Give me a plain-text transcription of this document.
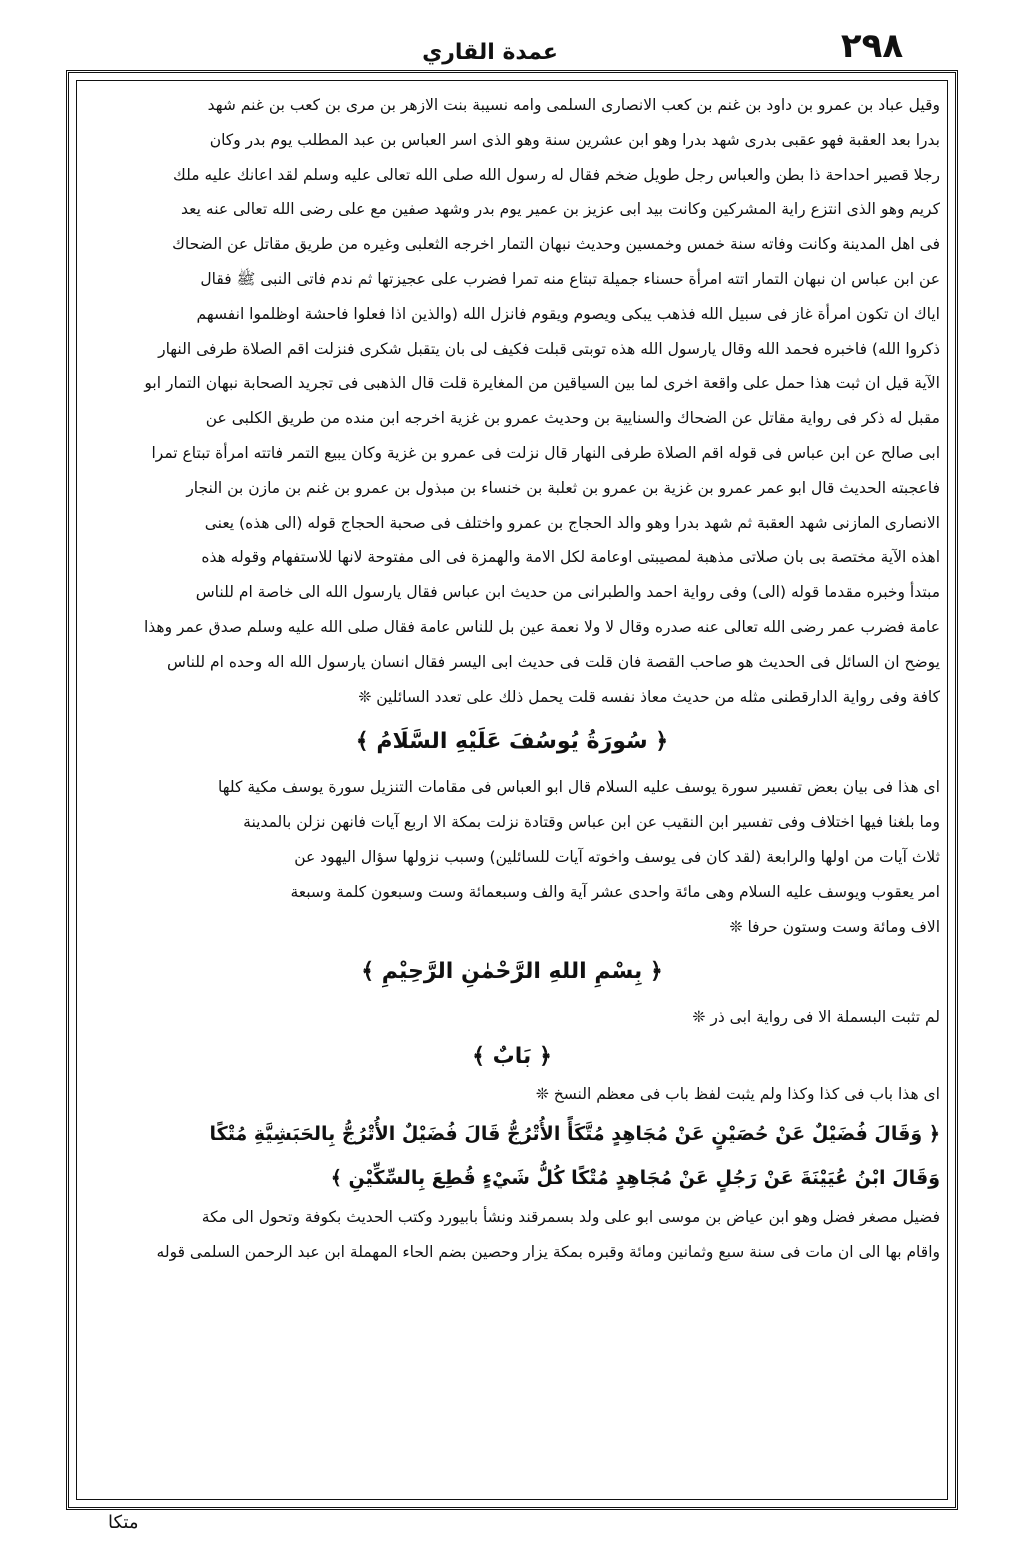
عمدة القاري	٢٩٨
وقيل عباد بن عمرو بن داود بن غنم بن كعب الانصارى السلمى وامه نسيبة بنت الازهر بن مرى بن كعب بن غنم شهد
بدرا بعد العقبة فهو عقبى بدرى شهد بدرا وهو ابن عشرين سنة وهو الذى اسر العباس بن عبد المطلب يوم بدر وكان
رجلا قصير احداحة ذا بطن والعباس رجل طويل ضخم فقال له رسول الله صلى الله تعالى عليه وسلم لقد اعانك عليه ملك
كريم وهو الذى انتزع راية المشركين وكانت بيد ابى عزيز بن عمير يوم بدر وشهد صفين مع على رضى الله تعالى عنه يعد
فى اهل المدينة وكانت وفاته سنة خمس وخمسين وحديث نبهان التمار اخرجه الثعلبى وغيره من طريق مقاتل عن الضحاك
عن ابن عباس ان نبهان التمار اتته امرأة حسناء جميلة تبتاع منه تمرا فضرب على عجيزتها ثم ندم فاتى النبى ﷺ فقال
اياك ان تكون امرأة غاز فى سبيل الله فذهب يبكى ويصوم ويقوم فانزل الله (والذين اذا فعلوا فاحشة اوظلموا انفسهم
ذكروا الله) فاخبره فحمد الله وقال يارسول الله هذه توبتى قبلت فكيف لى بان يتقبل شكرى فنزلت اقم الصلاة طرفى النهار
الآية قيل ان ثبت هذا حمل على واقعة اخرى لما بين السياقين من المغايرة قلت قال الذهبى فى تجريد الصحابة نبهان التمار ابو
مقبل له ذكر فى رواية مقاتل عن الضحاك والسنايية بن وحديث عمرو بن غزية اخرجه ابن منده من طريق الكلبى عن
ابى صالح عن ابن عباس فى قوله اقم الصلاة طرفى النهار قال نزلت فى عمرو بن غزية وكان يبيع التمر فاتته امرأة تبتاع تمرا
فاعجبته الحديث قال ابو عمر عمرو بن غزية بن عمرو بن ثعلبة بن خنساء بن مبذول بن عمرو بن غنم بن مازن بن النجار
الانصارى المازنى شهد العقبة ثم شهد بدرا وهو والد الحجاج بن عمرو واختلف فى صحبة الحجاج قوله (الى هذه) يعنى
اهذه الآية مختصة بى بان صلاتى مذهبة لمصيبتى اوعامة لكل الامة والهمزة فى الى مفتوحة لانها للاستفهام وقوله هذه
مبتدأ وخبره مقدما قوله (الى) وفى رواية احمد والطبرانى من حديث ابن عباس فقال يارسول الله الى خاصة ام للناس
عامة فضرب عمر رضى الله تعالى عنه صدره وقال لا ولا نعمة عين بل للناس عامة فقال صلى الله عليه وسلم صدق عمر وهذا
يوضح ان السائل فى الحديث هو صاحب القصة فان قلت فى حديث ابى اليسر فقال انسان يارسول الله اله وحده ام للناس
كافة وفى رواية الدارقطنى مثله من حديث معاذ نفسه قلت يحمل ذلك على تعدد السائلين ❊
﴿ سُورَةُ يُوسُفَ عَلَيْهِ السَّلَامُ ﴾
اى هذا فى بيان بعض تفسير سورة يوسف عليه السلام قال ابو العباس فى مقامات التنزيل سورة يوسف مكية كلها
وما بلغنا فيها اختلاف وفى تفسير ابن النقيب عن ابن عباس وقتادة نزلت بمكة الا اربع آيات فانهن نزلن بالمدينة
ثلاث آيات من اولها والرابعة (لقد كان فى يوسف واخوته آيات للسائلين) وسبب نزولها سؤال اليهود عن
امر يعقوب ويوسف عليه السلام وهى مائة واحدى عشر آية والف وسبعمائة وست وسبعون كلمة وسبعة
الاف ومائة وست وستون حرفا ❊
﴿ بِسْمِ اللهِ الرَّحْمٰنِ الرَّحِيْمِ ﴾
لم تثبت البسملة الا فى رواية ابى ذر ❊
﴿ بَابٌ ﴾
اى هذا باب فى كذا وكذا ولم يثبت لفظ باب فى معظم النسخ ❊
﴿ وَقَالَ فُضَيْلٌ عَنْ حُصَيْنٍ عَنْ مُجَاهِدٍ مُتَّكَأً الأُتْرُجُّ قَالَ فُضَيْلٌ الأُتْرُجُّ بِالحَبَشِيَّةِ مُتْكًا
وَقَالَ ابْنُ عُيَيْنَةَ عَنْ رَجُلٍ عَنْ مُجَاهِدٍ مُتْكًا كُلُّ شَيْءٍ قُطِعَ بِالسِّكِّيْنِ ﴾
فضيل مصغر فضل وهو ابن عياض بن موسى ابو على ولد بسمرقند ونشأ بابيورد وكتب الحديث بكوفة وتحول الى مكة
واقام بها الى ان مات فى سنة سبع وثمانين ومائة وقبره بمكة يزار وحصين بضم الحاء المهملة ابن عبد الرحمن السلمى قوله
متكا
